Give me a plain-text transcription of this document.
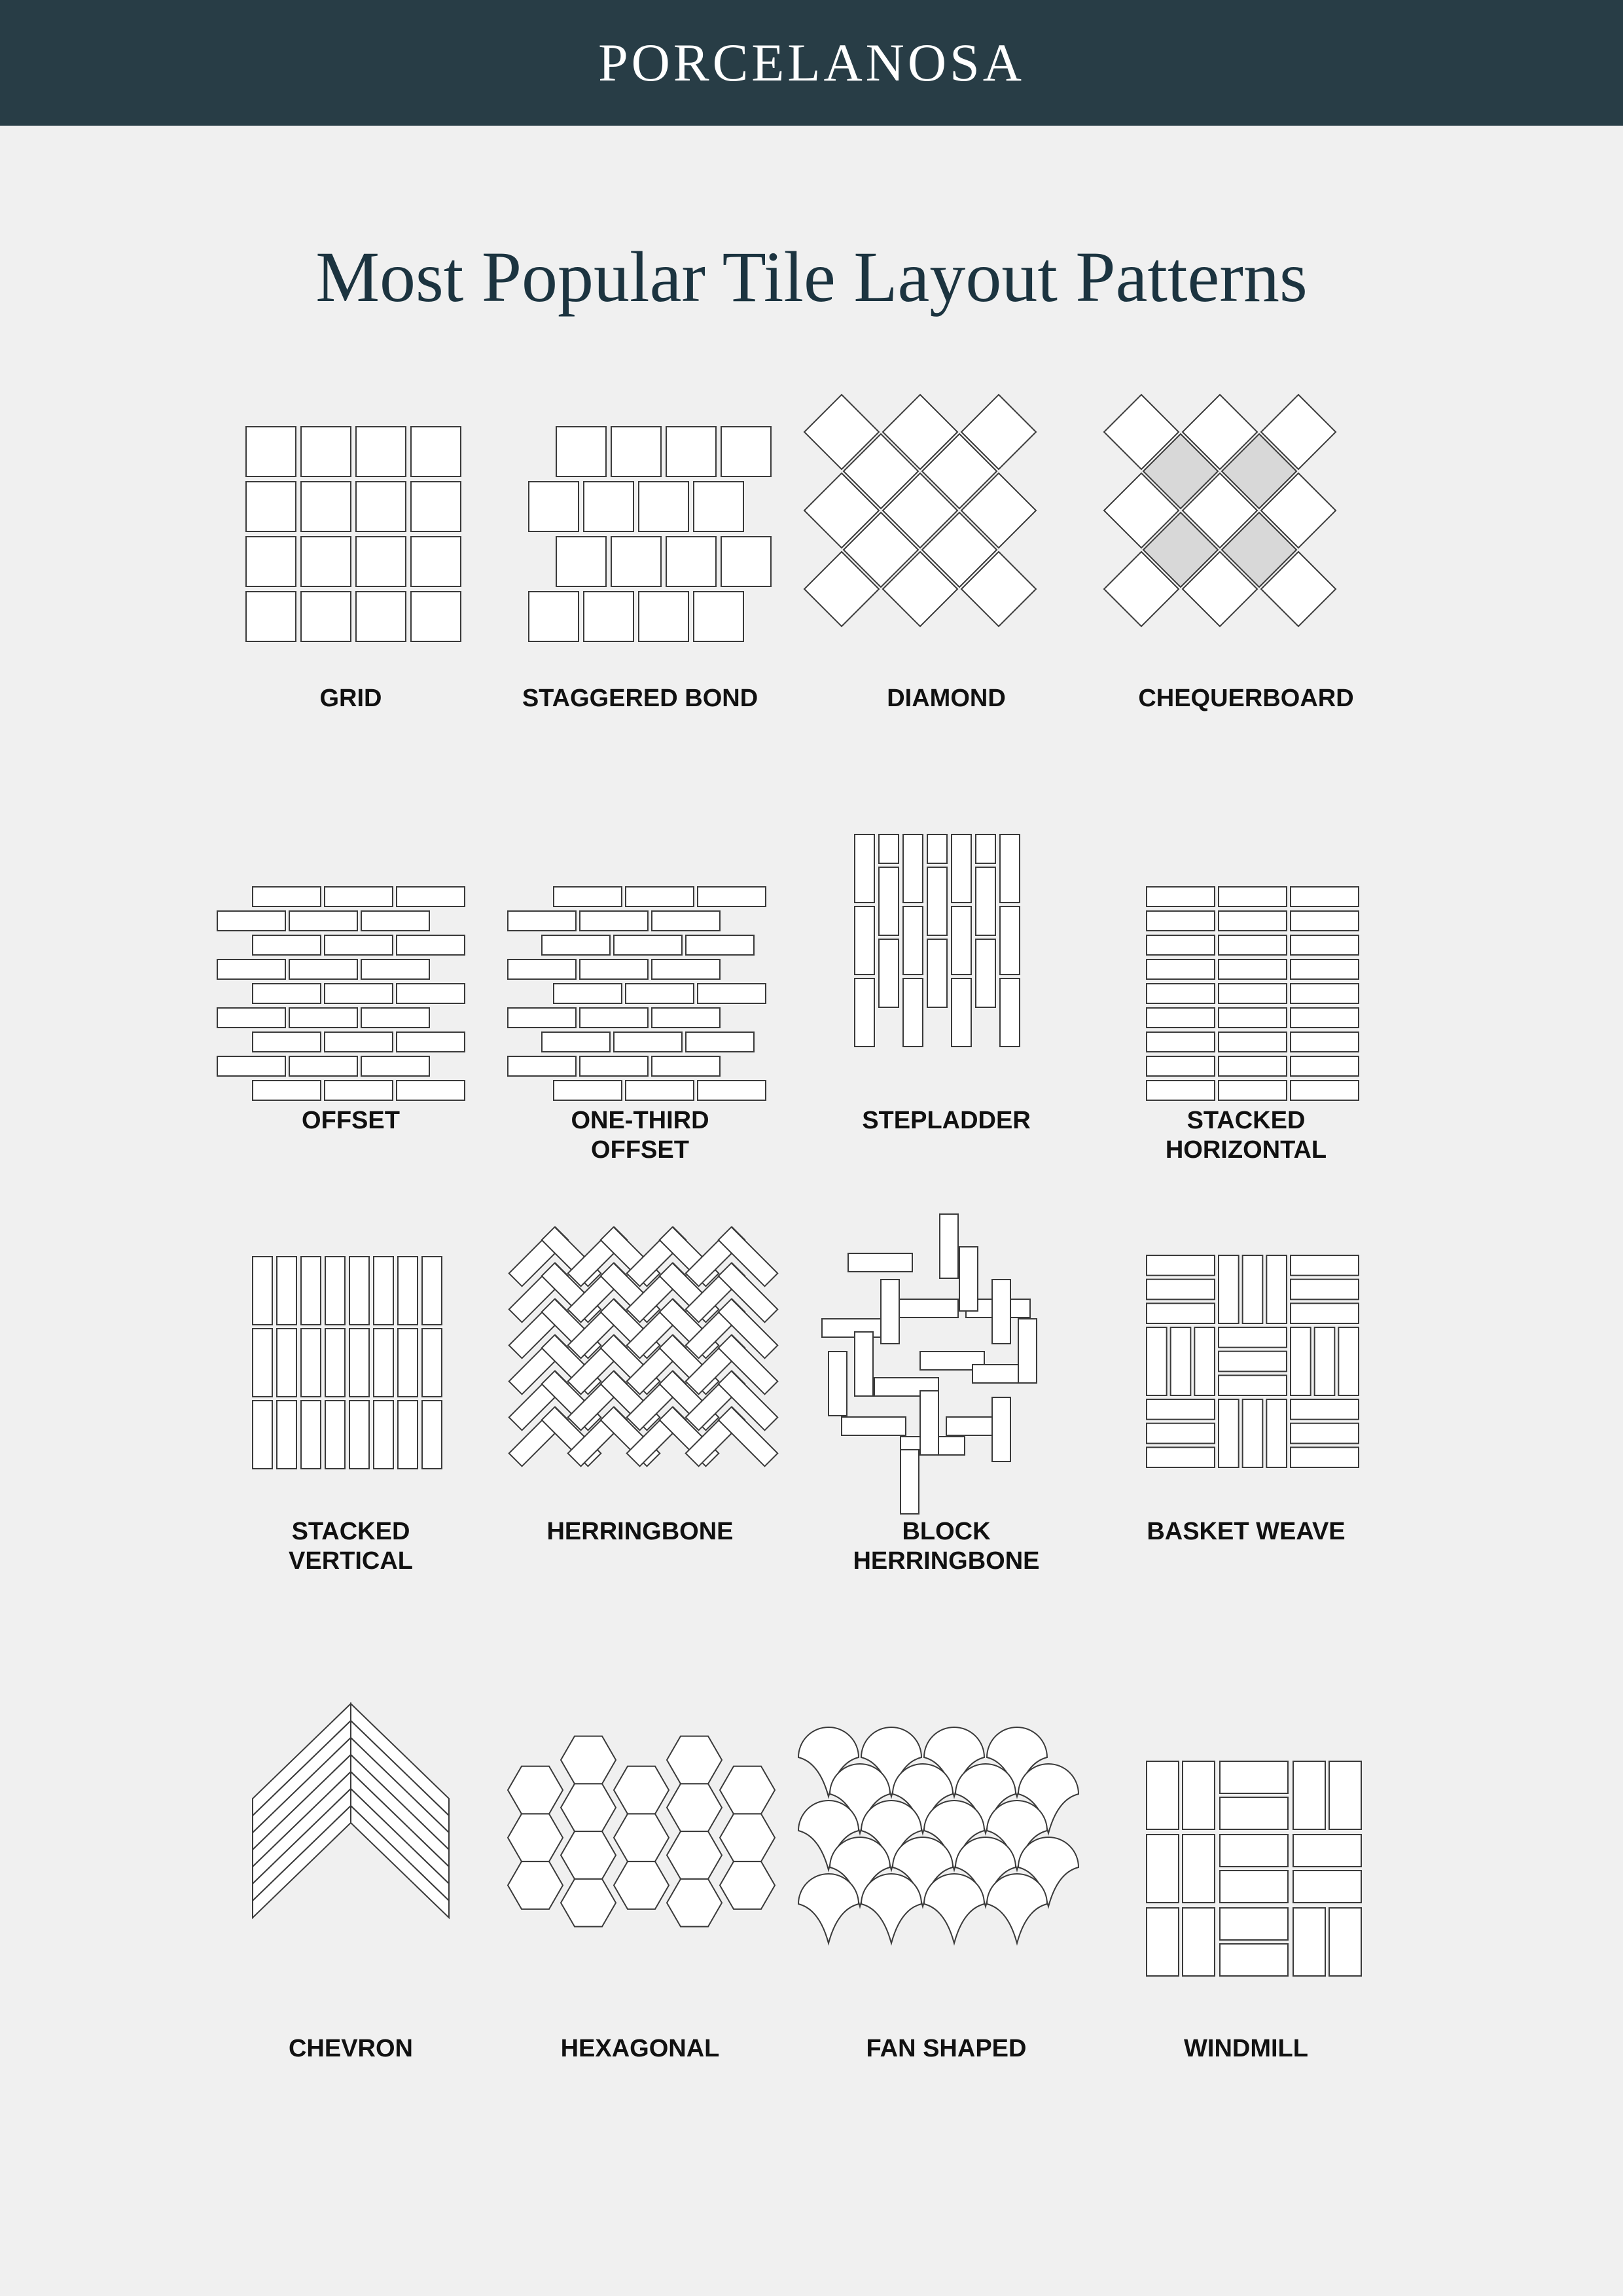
PORCELANOSA
Most Popular Tile Layout Patterns
GRID	STAGGERED BOND	DIAMOND	CHEQUERBOARD
OFFSET	ONE-THIRD
OFFSET
STEPLADDER	STACKED
HORIZONTAL
STACKED
VERTICAL
HERRINGBONE	BLOCK
HERRINGBONE
BASKET WEAVE
CHEVRON	HEXAGONAL	FAN SHAPED	WINDMILL
